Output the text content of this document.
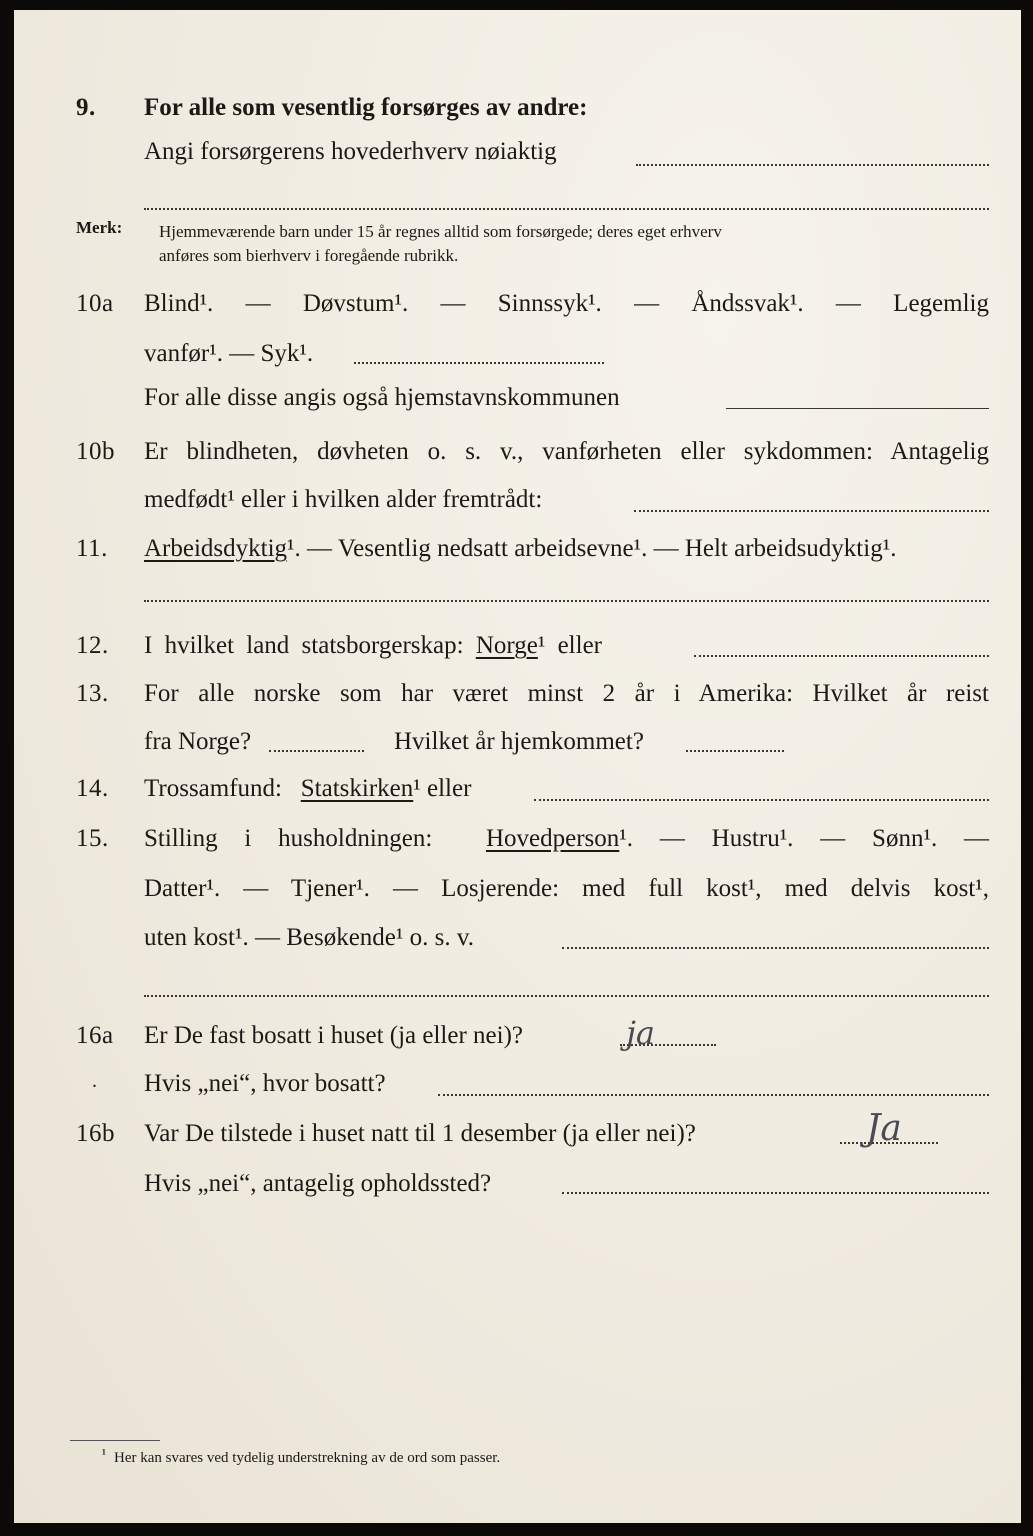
9. For alle som vesentlig forsørges av andre:
Angi forsørgerens hovederhverv nøiaktig
Merk: Hjemmeværende barn under 15 år regnes alltid som forsørgede; deres eget erhverv
anføres som bierhverv i foregående rubrikk.
10a Blind¹. — Døvstum¹. — Sinnssyk¹. — Åndssvak¹. — Legemlig
vanfør¹. — Syk¹.
For alle disse angis også hjemstavnskommunen
10b Er blindheten, døvheten o. s. v., vanførheten eller sykdommen: Antagelig
medfødt¹ eller i hvilken alder fremtrådt:
11. Arbeidsdyktig¹. — Vesentlig nedsatt arbeidsevne¹. — Helt arbeidsudyktig¹.
12. I hvilket land statsborgerskap: Norge¹ eller
13. For alle norske som har været minst 2 år i Amerika: Hvilket år reist
fra Norge?	Hvilket år hjemkommet?
14. Trossamfund: Statskirken¹ eller
15. Stilling i husholdningen: Hovedperson¹. — Hustru¹. — Sønn¹. —
Datter¹. — Tjener¹. — Losjerende: med full kost¹, med delvis kost¹,
uten kost¹. — Besøkende¹ o. s. v.
16a Er De fast bosatt i huset (ja eller nei)?	ja
. Hvis „nei“, hvor bosatt?
16b Var De tilstede i huset natt til 1 desember (ja eller nei)?	Ja
Hvis „nei“, antagelig opholdssted?
¹ Her kan svares ved tydelig understrekning av de ord som passer.
